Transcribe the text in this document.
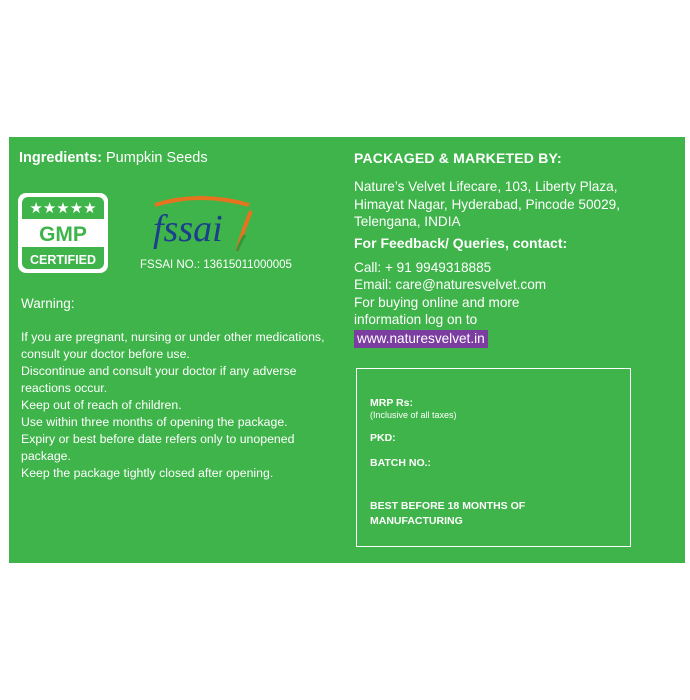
Ingredients: Pumpkin Seeds
★★★★★
GMP
CERTIFIED
fssai
FSSAI NO.: 13615011000005
Warning:
If you are pregnant, nursing or under other medications,
consult your doctor before use.
Discontinue and consult your doctor if any adverse
reactions occur.
Keep out of reach of children.
Use within three months of opening the package.
Expiry or best before date refers only to unopened
package.
Keep the package tightly closed after opening.
PACKAGED & MARKETED BY:
Nature’s Velvet Lifecare, 103, Liberty Plaza,
Himayat Nagar, Hyderabad, Pincode 50029,
Telengana, INDIA
For Feedback/ Queries, contact:
Call: + 91 9949318885
Email: care@naturesvelvet.com
For buying online and more
information log on to
www.naturesvelvet.in
MRP Rs:
(Inclusive of all taxes)
PKD:
BATCH NO.:
BEST BEFORE 18 MONTHS OF
MANUFACTURING
